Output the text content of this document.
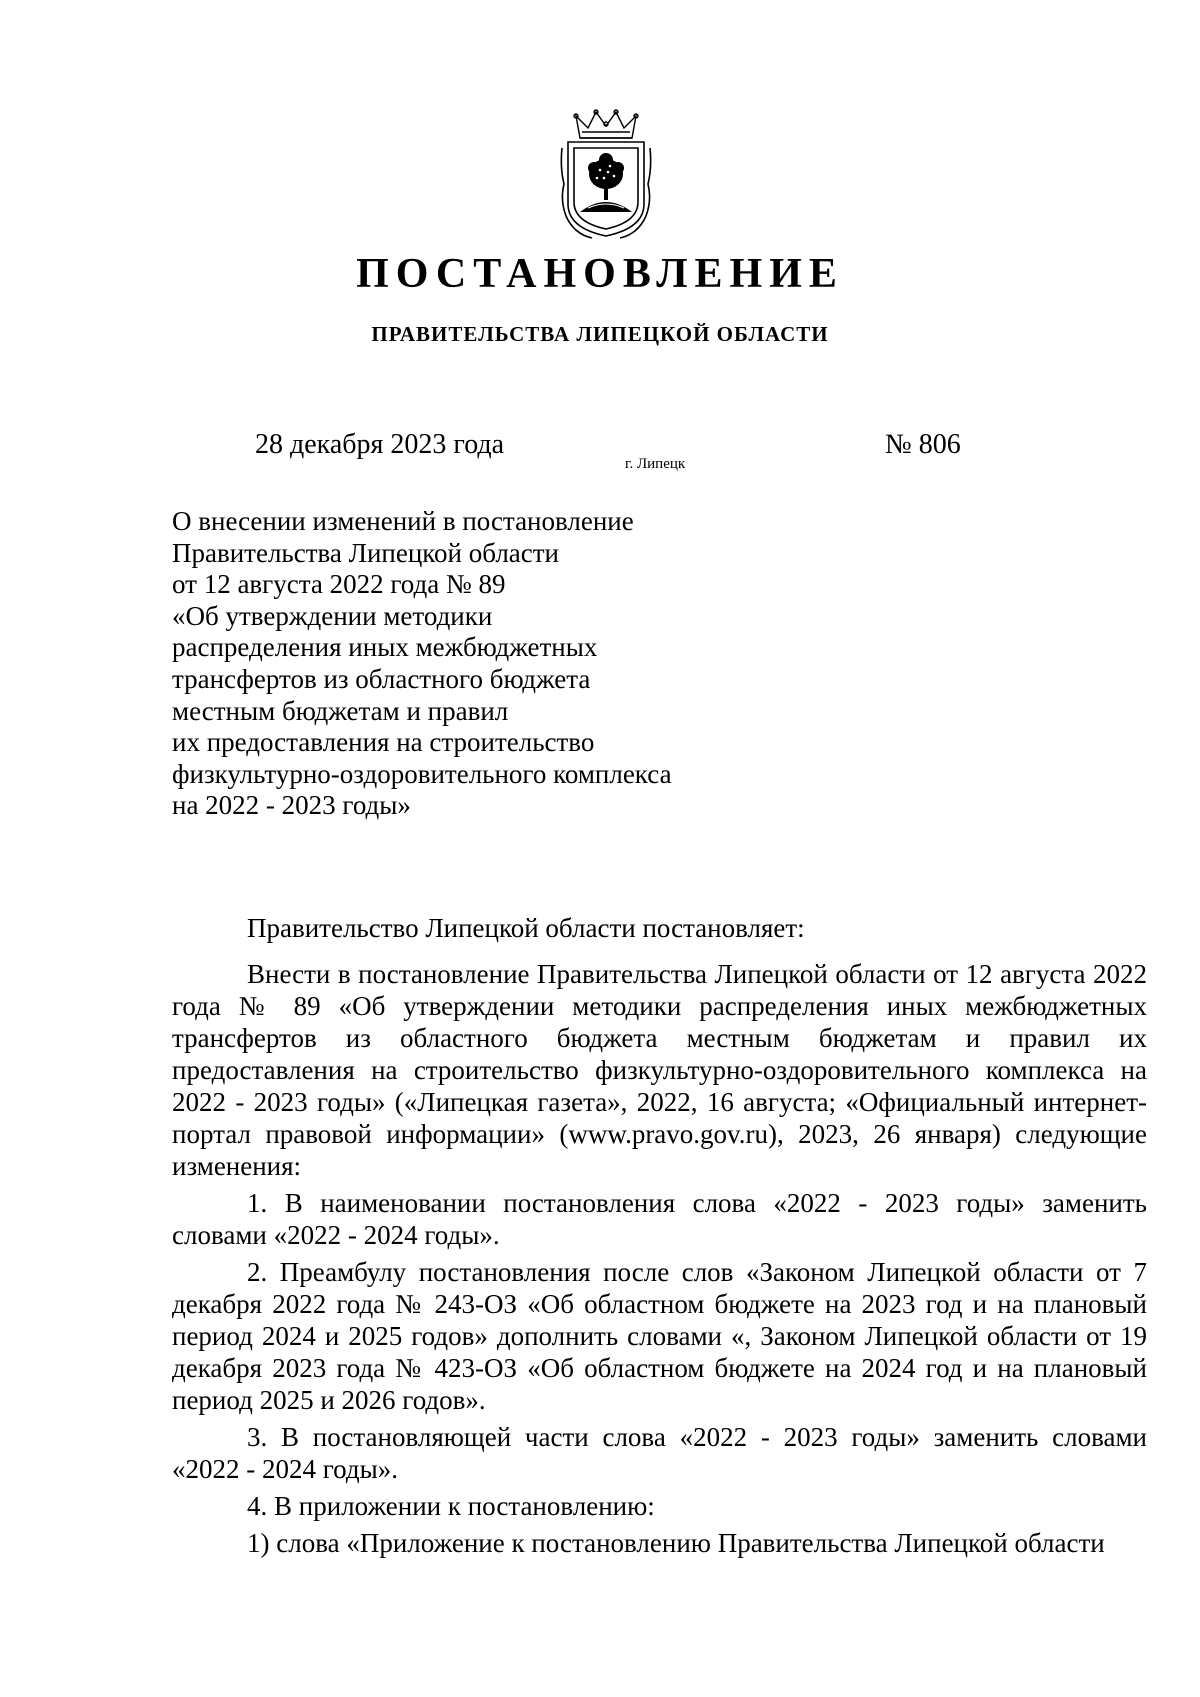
ПОСТАНОВЛЕНИЕ
ПРАВИТЕЛЬСТВА ЛИПЕЦКОЙ ОБЛАСТИ
28 декабря 2023 года
г. Липецк
№ 806
О внесении изменений в постановление
Правительства Липецкой области
от 12 августа 2022 года № 89
«Об утверждении методики
распределения иных межбюджетных
трансфертов из областного бюджета
местным бюджетам и правил
их предоставления на строительство
физкультурно-оздоровительного комплекса
на 2022 - 2023 годы»

Правительство Липецкой области постановляет:

Внести в постановление Правительства Липецкой области от 12 августа 2022 года № 89 «Об утверждении методики распределения иных межбюджетных трансфертов из областного бюджета местным бюджетам и правил их предоставления на строительство физкультурно-оздоровительного комплекса на 2022 - 2023 годы» («Липецкая газета», 2022, 16 августа; «Официальный интернет-портал правовой информации» (www.pravo.gov.ru), 2023, 26 января) следующие изменения:

1. В наименовании постановления слова «2022 - 2023 годы» заменить словами «2022 - 2024 годы».

2. Преамбулу постановления после слов «Законом Липецкой области от 7 декабря 2022 года № 243-ОЗ «Об областном бюджете на 2023 год и на плановый период 2024 и 2025 годов» дополнить словами «, Законом Липецкой области от 19 декабря 2023 года № 423-ОЗ «Об областном бюджете на 2024 год и на плановый период 2025 и 2026 годов».

3. В постановляющей части слова «2022 - 2023 годы» заменить словами «2022 - 2024 годы».

4. В приложении к постановлению:

1) слова «Приложение к постановлению Правительства Липецкой области
